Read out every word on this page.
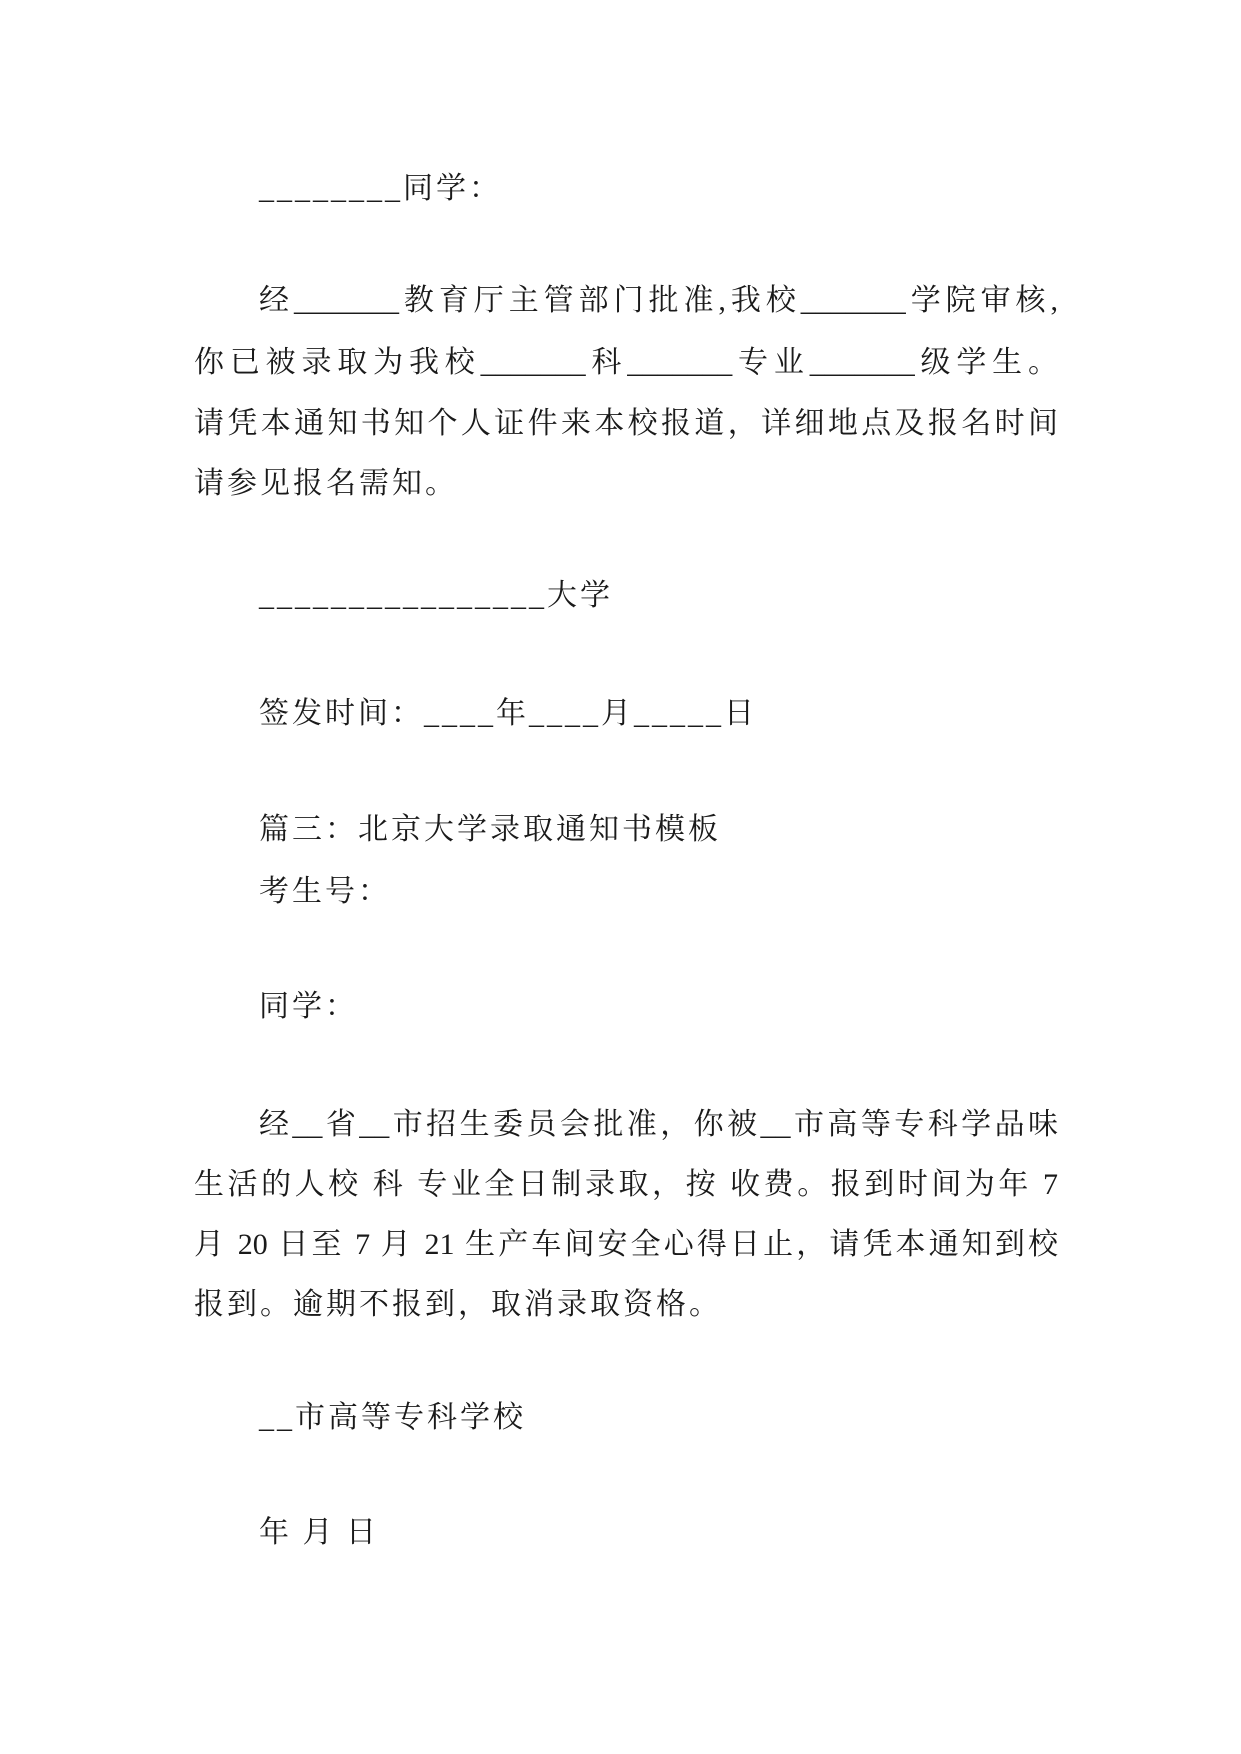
________同学：
经_______教育厅主管部门批准,我校_______学院审核,
你已被录取为我校_______科_______专业_______级学生。
请凭本通知书知个人证件来本校报道，详细地点及报名时间
请参见报名需知。
________________大学
签发时间：____年____月_____日
篇三：北京大学录取通知书模板
考生号：
同学：
经__省__市招生委员会批准，你被__市高等专科学品味
生活的人校 科 专业全日制录取，按 收费。报到时间为年 7
月 20 日至 7 月 21 生产车间安全心得日止，请凭本通知到校
报到。逾期不报到，取消录取资格。
__市高等专科学校
年 月 日
